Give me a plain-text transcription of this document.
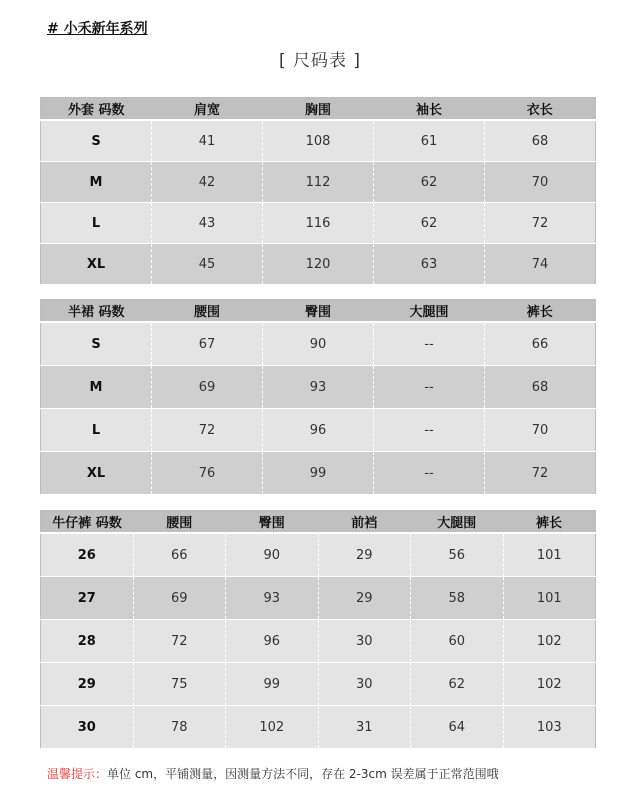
# 小禾新年系列
[ 尺码表 ]
外套 码数	肩宽	胸围	袖长	衣长
S	41	108	61	68
M	42	112	62	70
L	43	116	62	72
XL	45	120	63	74
半裙 码数	腰围	臀围	大腿围	裤长
S	67	90	--	66
M	69	93	--	68
L	72	96	--	70
XL	76	99	--	72
牛仔裤 码数	腰围	臀围	前裆	大腿围	裤长
26	66	90	29	56	101
27	69	93	29	58	101
28	72	96	30	60	102
29	75	99	30	62	102
30	78	102	31	64	103
温馨提示：单位 cm，平铺测量，因测量方法不同，存在 2-3cm 误差属于正常范围哦
